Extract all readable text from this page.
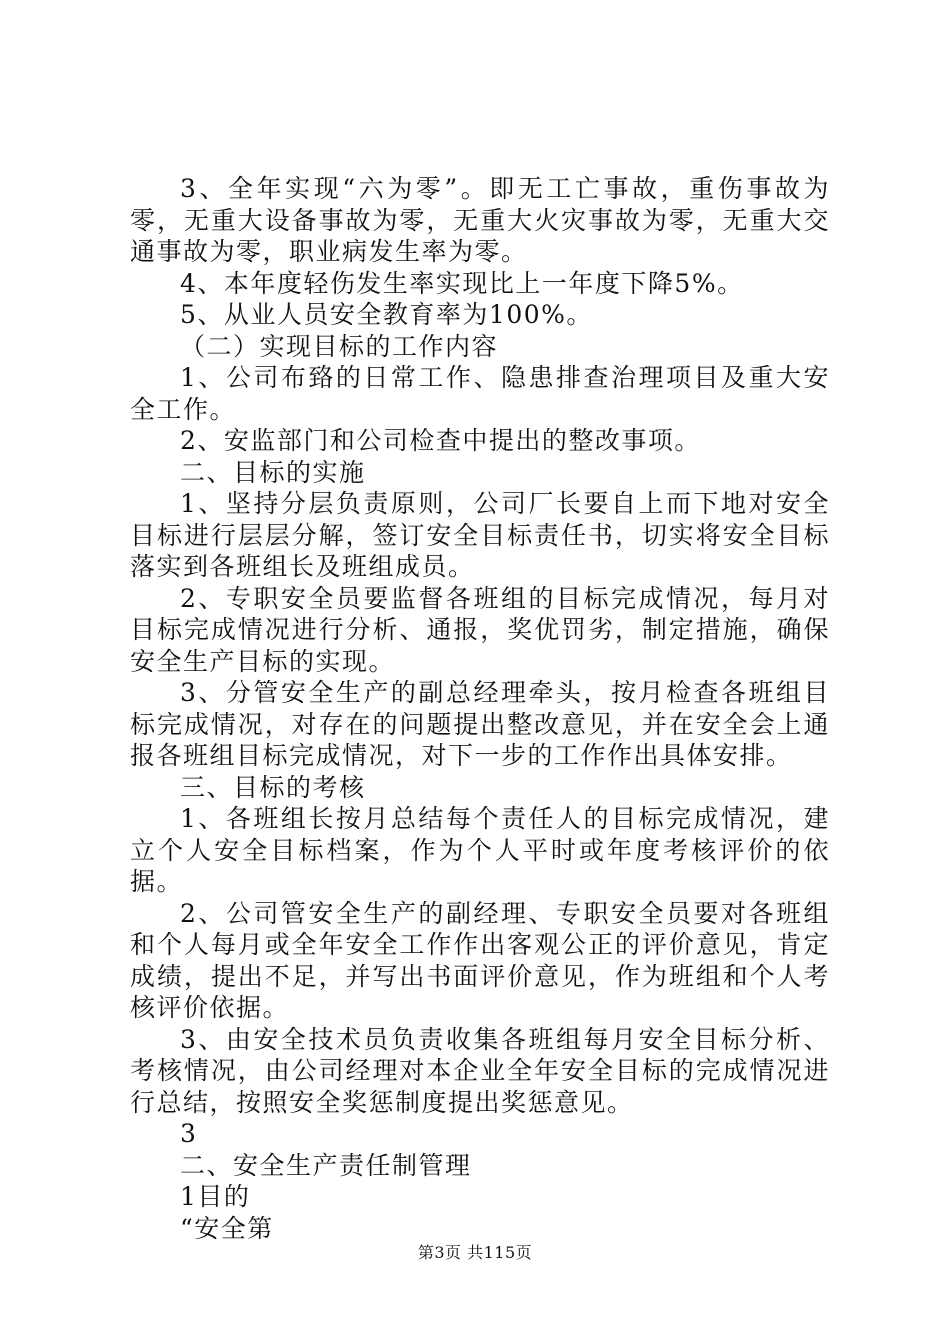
3、全年实现“六为零”。即无工亡事故，重伤事故为零，无重大设备事故为零，无重大火灾事故为零，无重大交通事故为零，职业病发生率为零。

4、本年度轻伤发生率实现比上一年度下降5%。

5、从业人员安全教育率为100%。

（二）实现目标的工作内容

1、公司布臵的日常工作、隐患排查治理项目及重大安全工作。

2、安监部门和公司检查中提出的整改事项。

二、目标的实施

1、坚持分层负责原则，公司厂长要自上而下地对安全目标进行层层分解，签订安全目标责任书，切实将安全目标落实到各班组长及班组成员。

2、专职安全员要监督各班组的目标完成情况，每月对目标完成情况进行分析、通报，奖优罚劣，制定措施，确保安全生产目标的实现。

3、分管安全生产的副总经理牵头，按月检查各班组目标完成情况，对存在的问题提出整改意见，并在安全会上通报各班组目标完成情况，对下一步的工作作出具体安排。

三、目标的考核

1、各班组长按月总结每个责任人的目标完成情况，建立个人安全目标档案，作为个人平时或年度考核评价的依据。

2、公司管安全生产的副经理、专职安全员要对各班组和个人每月或全年安全工作作出客观公正的评价意见，肯定成绩，提出不足，并写出书面评价意见，作为班组和个人考核评价依据。

3、由安全技术员负责收集各班组每月安全目标分析、考核情况，由公司经理对本企业全年安全目标的完成情况进行总结，按照安全奖惩制度提出奖惩意见。

3

二、安全生产责任制管理

1目的

“安全第

第3页 共115页
